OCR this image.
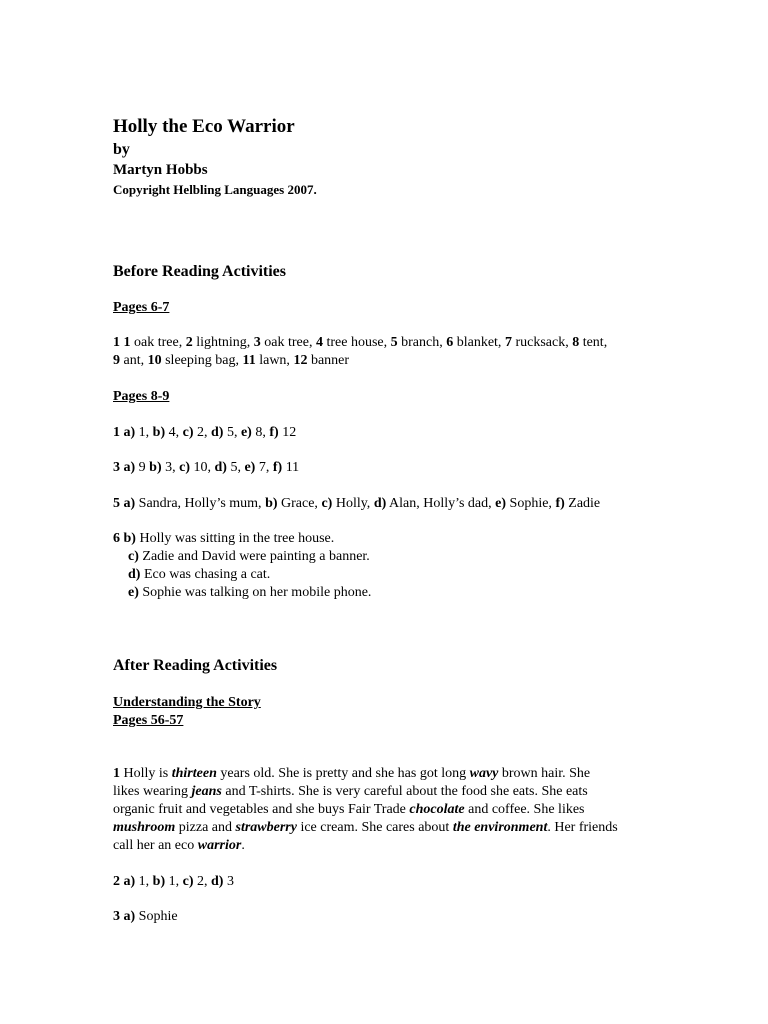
Holly the Eco Warrior
by
Martyn Hobbs
Copyright Helbling Languages 2007.
Before Reading Activities
Pages 6-7
1 1 oak tree, 2 lightning, 3 oak tree, 4 tree house, 5 branch, 6 blanket, 7 rucksack, 8 tent,
9 ant, 10 sleeping bag, 11 lawn, 12 banner
Pages 8-9
1 a) 1, b) 4, c) 2, d) 5, e) 8, f) 12
3 a) 9 b) 3, c) 10, d) 5, e) 7, f) 11
5 a) Sandra, Holly’s mum, b) Grace, c) Holly, d) Alan, Holly’s dad, e) Sophie, f) Zadie
6 b) Holly was sitting in the tree house.
c) Zadie and David were painting a banner.
d) Eco was chasing a cat.
e) Sophie was talking on her mobile phone.
After Reading Activities
Understanding the Story
Pages 56-57
1 Holly is thirteen years old. She is pretty and she has got long wavy brown hair. She
likes wearing jeans and T-shirts. She is very careful about the food she eats. She eats
organic fruit and vegetables and she buys Fair Trade chocolate and coffee. She likes
mushroom pizza and strawberry ice cream. She cares about the environment. Her friends
call her an eco warrior.
2 a) 1, b) 1, c) 2, d) 3
3 a) Sophie
